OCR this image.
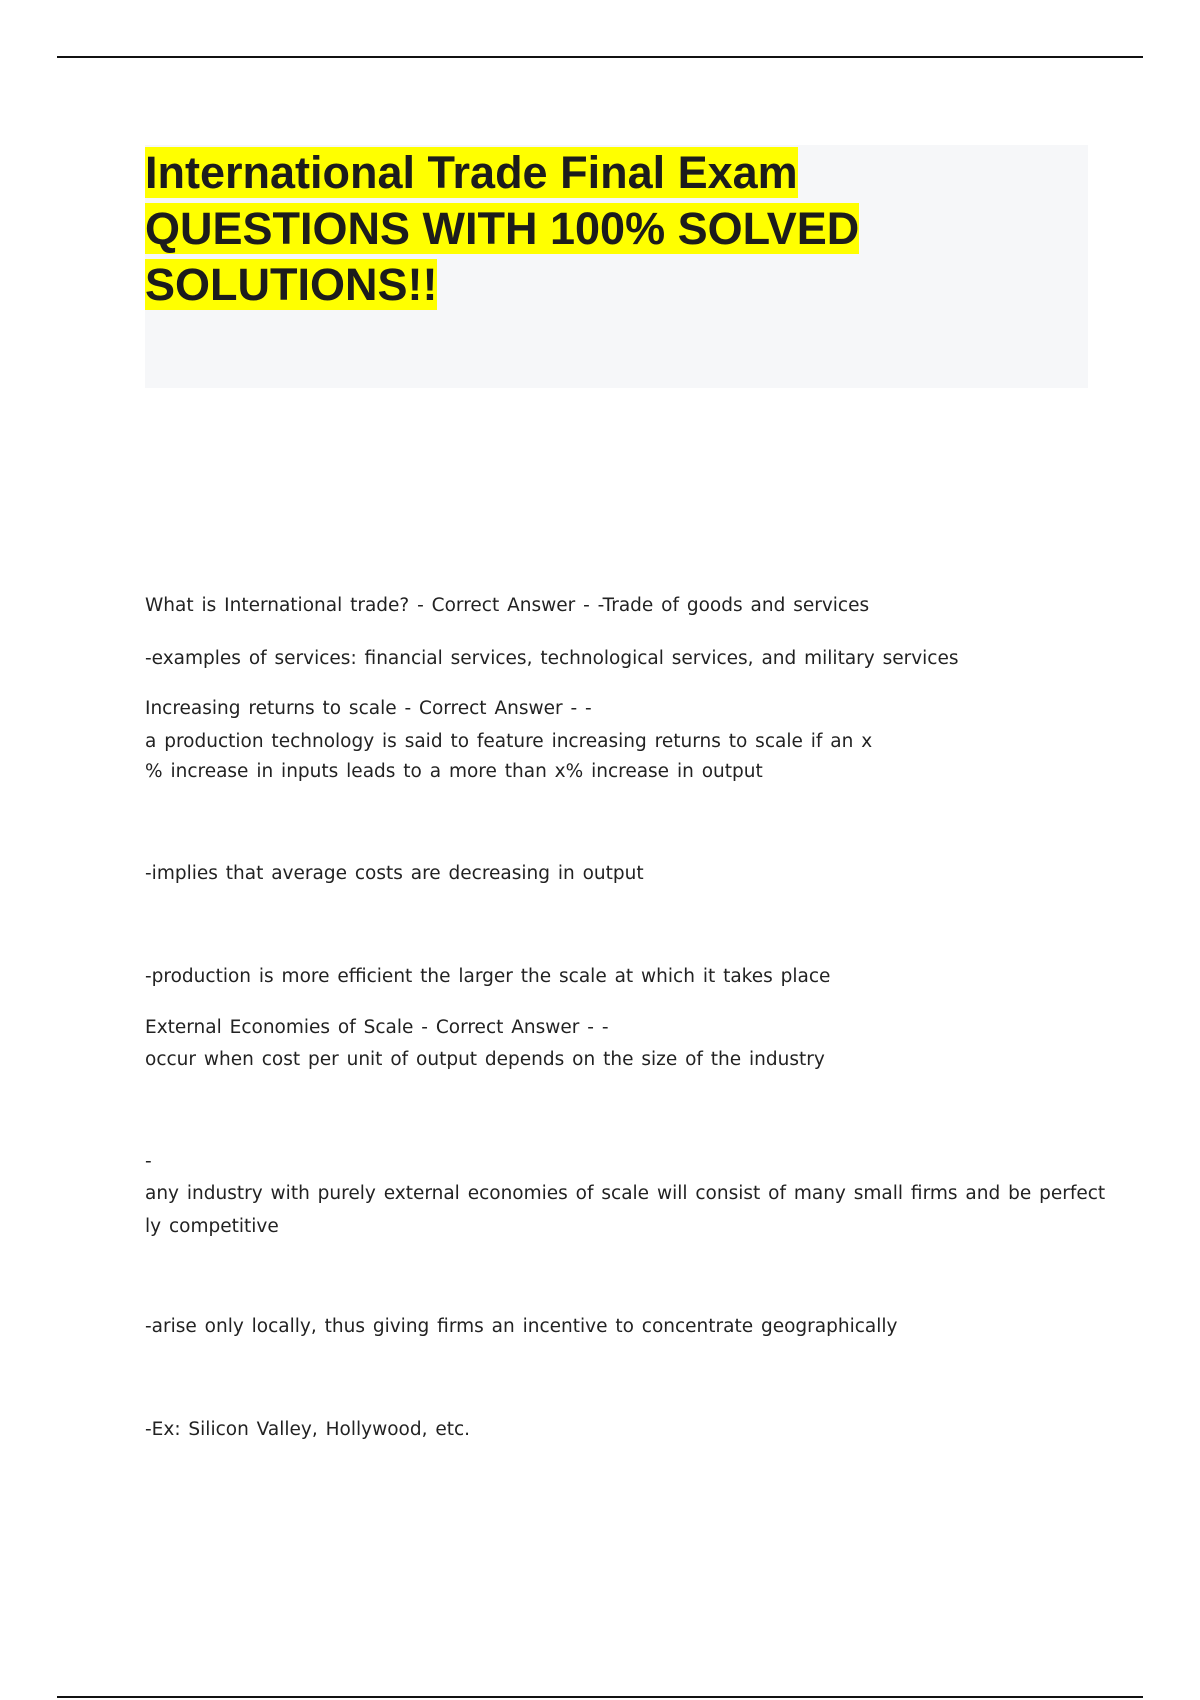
International Trade Final Exam QUESTIONS WITH 100% SOLVED SOLUTIONS!!

What is International trade? - Correct Answer - -Trade of goods and services

-examples of services: financial services, technological services, and military services

Increasing returns to scale - Correct Answer - -

a production technology is said to feature increasing returns to scale if an x

% increase in inputs leads to a more than x% increase in output

-implies that average costs are decreasing in output

-production is more efficient the larger the scale at which it takes place

External Economies of Scale - Correct Answer - -

occur when cost per unit of output depends on the size of the industry

-

any industry with purely external economies of scale will consist of many small firms and be perfect

ly competitive

-arise only locally, thus giving firms an incentive to concentrate geographically

-Ex: Silicon Valley, Hollywood, etc.
